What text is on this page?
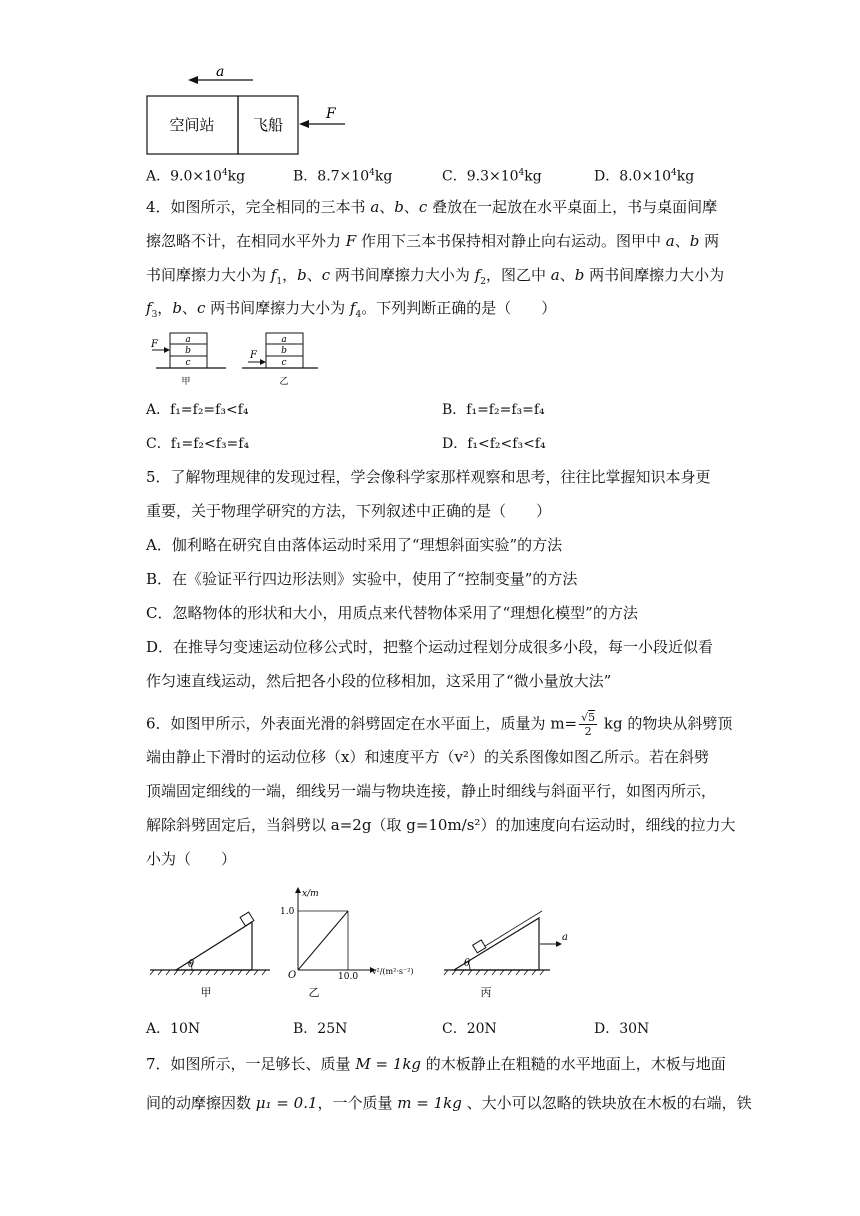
a
空间站	飞船
F
A．$9.0\times 10^4kg$	B．$8.7\times 10^4kg$	C．$9.3\times 10^4kg$	D．$8.0\times 10^4kg$
4．如图所示，完全相同的三本书 a、b、c 叠放在一起放在水平桌面上，书与桌面间摩
擦忽略不计，在相同水平外力 F 作用下三本书保持相对静止向右运动。图甲中 a、b 两
书间摩擦力大小为 $f_1$，b、c 两书间摩擦力大小为 $f_2$，图乙中 a、b 两书间摩擦力大小为
$f_3$，b、c 两书间摩擦力大小为 $f_4$。下列判断正确的是（　　）
a
b
c
F
甲
a
b
c
F
乙
A．f₁=f₂=f₃<f₄	B．f₁=f₂=f₃=f₄
C．f₁=f₂<f₃=f₄	D．f₁<f₂<f₃<f₄
5．了解物理规律的发现过程，学会像科学家那样观察和思考，往往比掌握知识本身更
重要，关于物理学研究的方法，下列叙述中正确的是（　　）
A．伽利略在研究自由落体运动时采用了“理想斜面实验”的方法
B．在《验证平行四边形法则》实验中，使用了“控制变量”的方法
C．忽略物体的形状和大小，用质点来代替物体采用了“理想化模型”的方法
D．在推导匀变速运动位移公式时，把整个运动过程划分成很多小段，每一小段近似看
作匀速直线运动，然后把各小段的位移相加，这采用了“微小量放大法”
6．如图甲所示，外表面光滑的斜劈固定在水平面上，质量为 $m= \frac{√5}{2}$ kg 的物块从斜劈顶
端由静止下滑时的运动位移（x）和速度平方（v²）的关系图像如图乙所示。若在斜劈
顶端固定细线的一端，细线另一端与物块连接，静止时细线与斜面平行，如图丙所示，
解除斜劈固定后，当斜劈以 a=2g（取 g=10m/s²）的加速度向右运动时，细线的拉力大
小为（　　）
θ
甲
x/m
1.0
O	10.0
v²/(m²·s⁻²)
乙
θ
a
丙
A．10N	B．25N	C．20N	D．30N
7．如图所示，一足够长、质量 M = 1kg 的木板静止在粗糙的水平地面上，木板与地面
间的动摩擦因数 μ₁ = 0.1，一个质量 m = 1kg 、大小可以忽略的铁块放在木板的右端，铁
